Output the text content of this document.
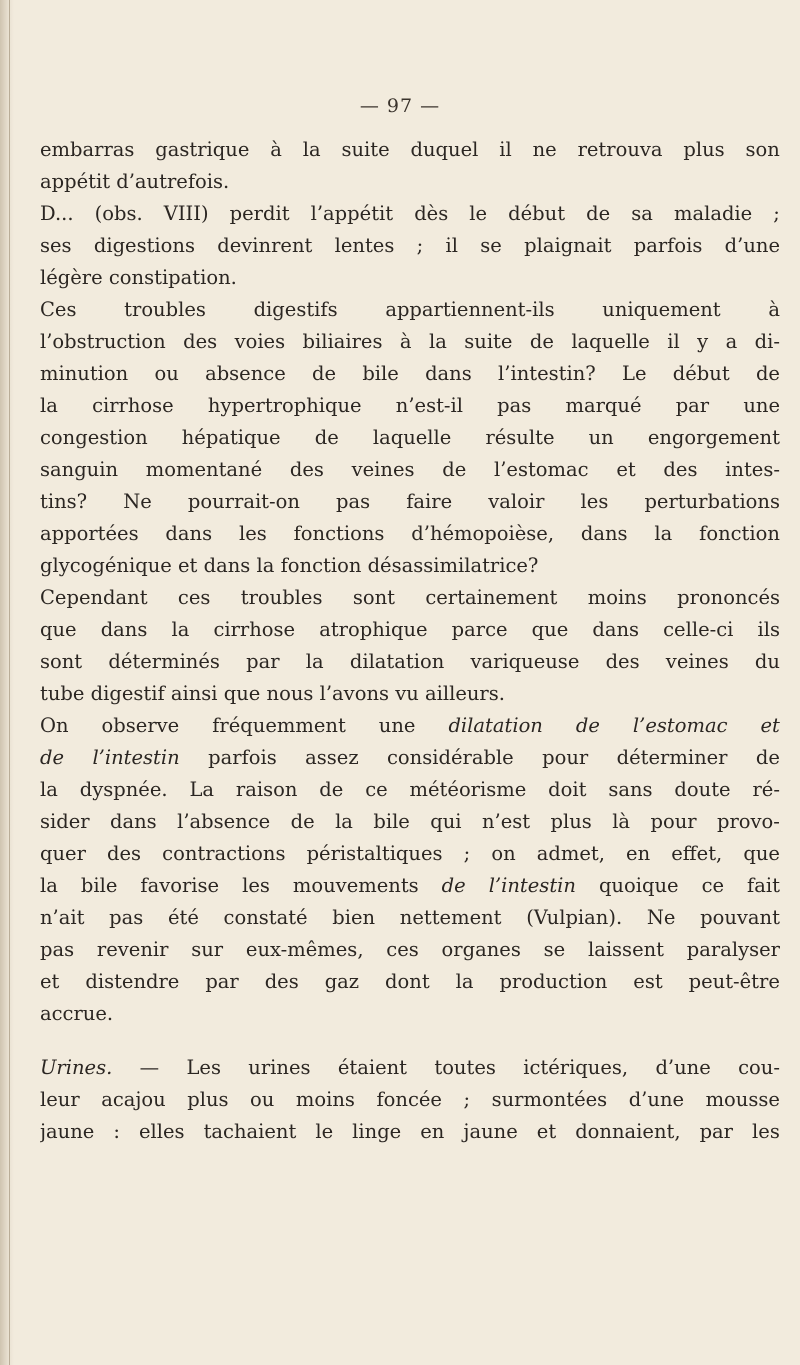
— 97 —
embarras gastrique à la suite duquel il ne retrouva plus son
appétit
d’autrefois.
D... (obs. VIII) perdit l’appétit dès le début de sa maladie ;
ses digestions devinrent lentes ; il se plaignait parfois d’une
légère
constipation.
Ces troubles digestifs appartiennent-ils uniquement à
l’obstruction des voies biliaires à la suite de laquelle il y a di-
minution ou absence de bile dans l’intestin? Le début de
la cirrhose hypertrophique n’est-il pas marqué par une
congestion hépatique de laquelle résulte un engorgement
sanguin momentané des veines de l’estomac et des intes-
tins? Ne pourrait-on pas faire valoir les perturbations
apportées dans les fonctions d’hémopoièse, dans la fonction
glycogénique
et
dans
la
fonction
désassimilatrice?
Cependant ces troubles sont certainement moins prononcés
que dans la cirrhose atrophique parce que dans celle-ci ils
sont déterminés par la dilatation variqueuse des veines du
tube
digestif
ainsi
que
nous
l’avons
vu
ailleurs.
On observe fréquemment une dilatation de l’estomac et
de l’intestin parfois assez considérable pour déterminer de
la dyspnée. La raison de ce météorisme doit sans doute ré-
sider dans l’absence de la bile qui n’est plus là pour provo-
quer des contractions péristaltiques ; on admet, en effet, que
la bile favorise les mouvements de l’intestin quoique ce fait
n’ait pas été constaté bien nettement (Vulpian). Ne pouvant
pas revenir sur eux-mêmes, ces organes se laissent paralyser
et distendre par des gaz dont la production est peut-être
accrue.
Urines. — Les urines étaient toutes ictériques, d’une cou-
leur acajou plus ou moins foncée ; surmontées d’une mousse
jaune : elles tachaient le linge en jaune et donnaient, par les
